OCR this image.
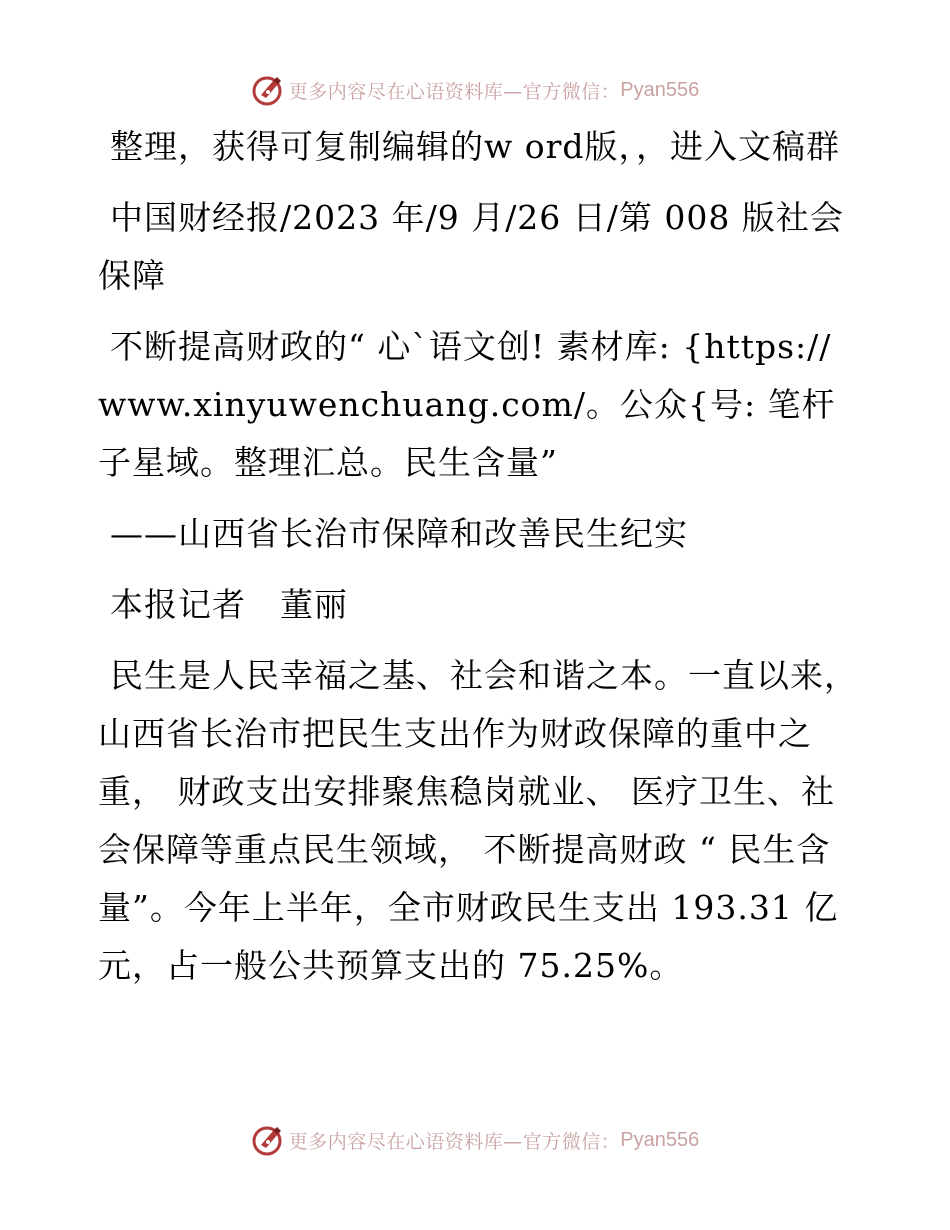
更多内容尽在心语资料库—官方微信： Pyan556

整理，获得可复制编辑的w ord版，，进入文稿群

中国财经报/2023 年/9 月/26 日/第 008 版社会保障

不断提高财政的“ 心`语文创! 素材库: {https://www.xinyuwenchuang.com/。公众{号: 笔杆子星域。整理汇总。民生含量”

——山西省长治市保障和改善民生纪实

本报记者　董丽

民生是人民幸福之基、社会和谐之本。一直以来，山西省长治市把民生支出作为财政保障的重中之重， 财政支出安排聚焦稳岗就业、 医疗卫生、社会保障等重点民生领域， 不断提高财政 “ 民生含量”。今年上半年，全市财政民生支出 193.31 亿元，占一般公共预算支出的 75.25%。

更多内容尽在心语资料库—官方微信： Pyan556
